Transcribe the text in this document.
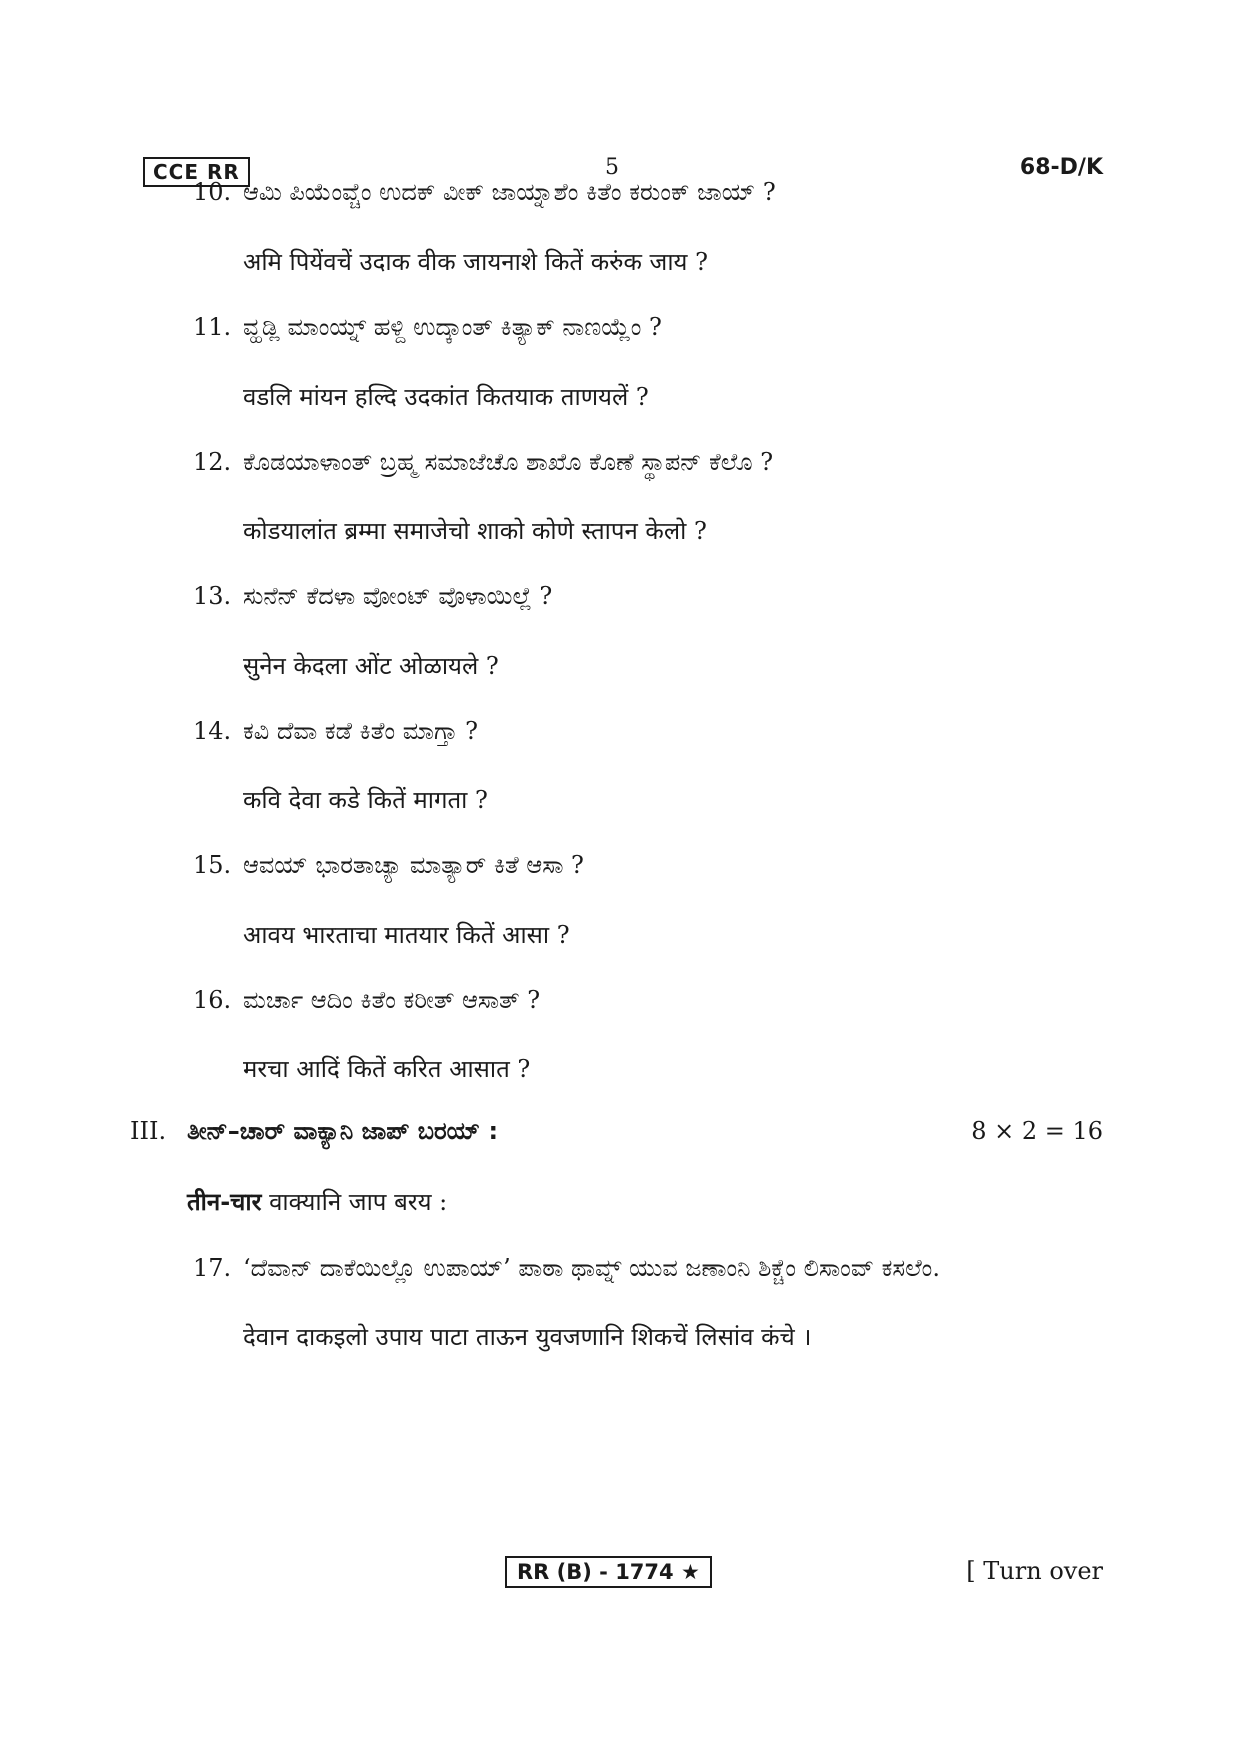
CCE RR	5	68-D/K
10. ಆಮಿ ಪಿಯೆಂವ್ಚೆಂ ಉದಕ್ ವೀಕ್ ಜಾಯ್ನಾಶೆಂ ಕಿತೆಂ ಕರುಂಕ್ ಜಾಯ್ ?
अमि पियेंवचें उदाक वीक जायनाशे कितें करुंक जाय ?
11. ವ್ಹಡ್ಲಿ ಮಾಂಯ್ನ್ ಹಳ್ದಿ ಉದ್ಕಾಂತ್ ಕಿತ್ಯಾಕ್ ನಾಣಯ್ಲೆಂ ?
वडलि मांयन हल्दि उदकांत कितयाक ताणयलें ?
12. ಕೊಡಯಾಳಾಂತ್ ಬ್ರಹ್ಮ ಸಮಾಜೆಚೊ ಶಾಖೊ ಕೊಣೆ ಸ್ಥಾಪನ್ ಕೆಲೊ ?
कोडयालांत ब्रम्मा समाजेचो शाको कोणे स्तापन केलो ?
13. ಸುನೆನ್ ಕೆದಳಾ ವೋಂಟ್ ವೊಳಾಯಿಲ್ಲೆ ?
सुनेन केदला ओंट ओळायले ?
14. ಕವಿ ದೆವಾ ಕಡೆ ಕಿತೆಂ ಮಾಗ್ತಾ ?
कवि देवा कडे कितें मागता ?
15. ಆವಯ್ ಭಾರತಾಚ್ಯಾ ಮಾತ್ಯಾರ್ ಕಿತೆ ಆಸಾ ?
आवय भारताचा मातयार कितें आसा ?
16. ಮರ್ಚಾ ಆದಿಂ ಕಿತೆಂ ಕರೀತ್ ಆಸಾತ್ ?
मरचा आदिं कितें करित आसात ?
III. ತೀನ್–ಚಾರ್ ವಾಕ್ಯಾನಿ ಜಾಪ್ ಬರಯ್ :	8 × 2 = 16
तीन-चार वाक्यानि जाप बरय :
17. ‘ದೆವಾನ್ ದಾಕೆಯಿಲ್ಲೊ ಉಪಾಯ್’ ಪಾಠಾ ಥಾವ್ನ್ ಯುವ ಜಣಾಂನಿ ಶಿಕ್ಚೆಂ ಲಿಸಾಂವ್ ಕಸಲೆಂ.
देवान दाकइलो उपाय पाटा ताऊन युवजणानि शिकचें लिसांव कंचे ।
RR (B) - 1774 ★	[ Turn over
